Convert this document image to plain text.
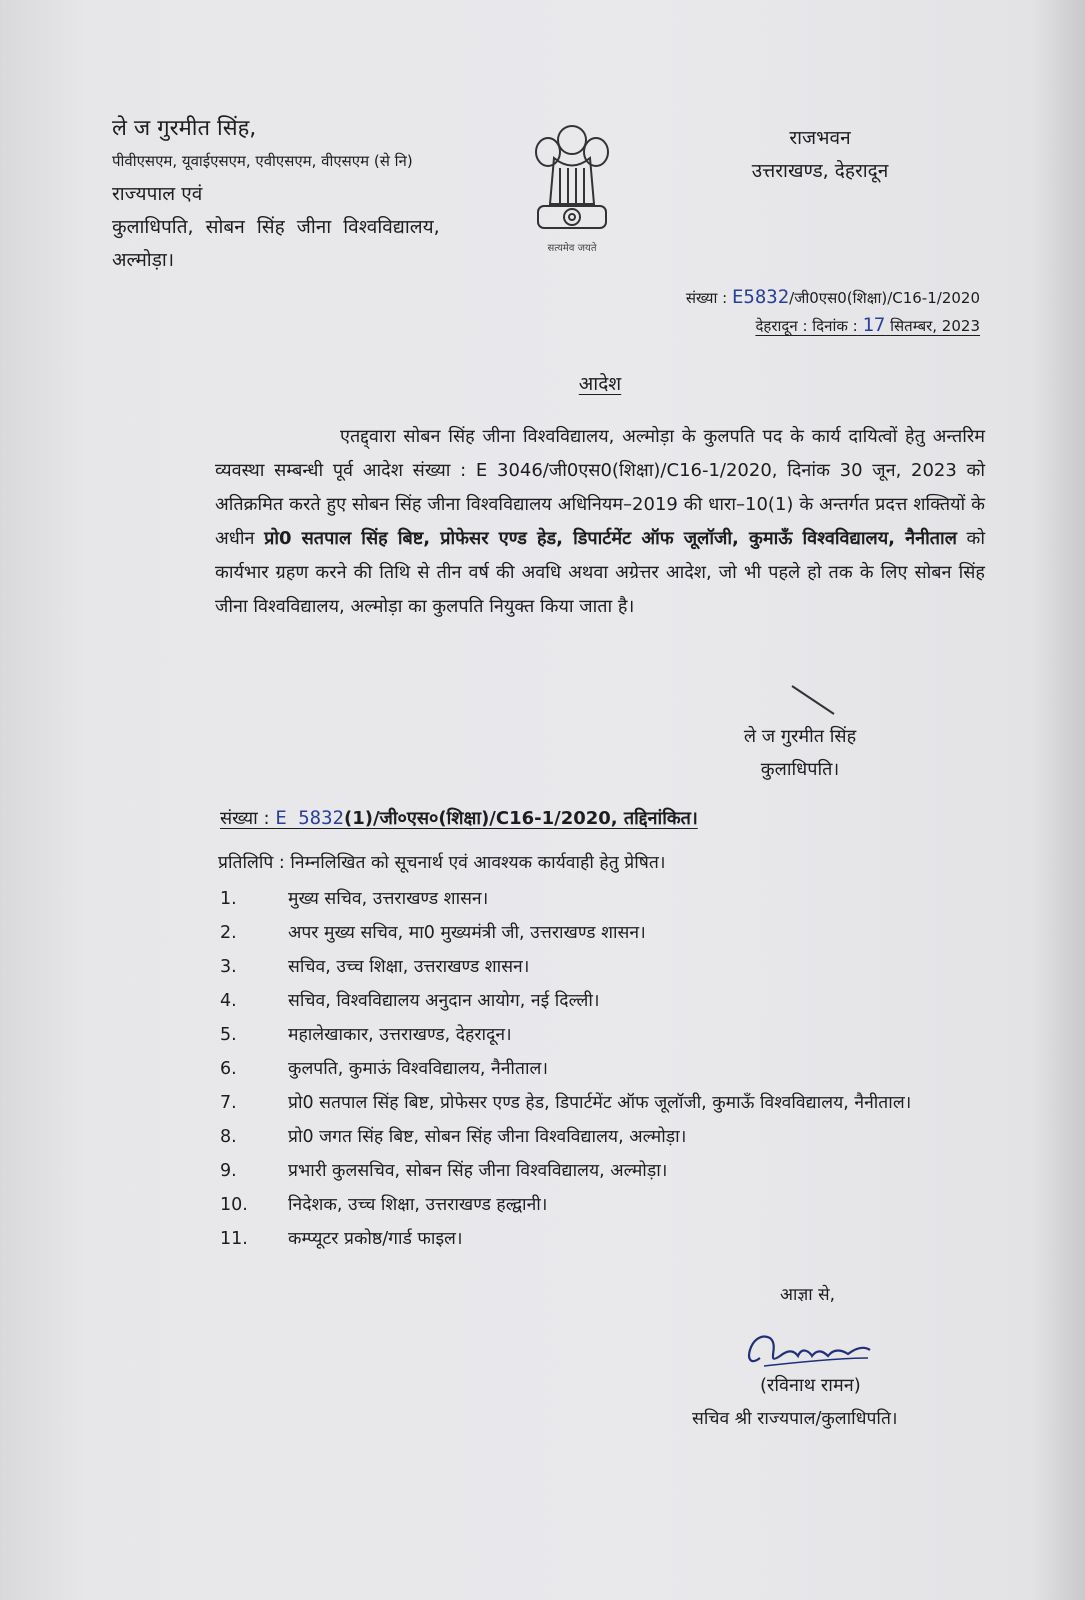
ले ज गुरमीत सिंह,
पीवीएसएम, यूवाईएसएम, एवीएसएम, वीएसएम (से नि)
राज्यपाल एवं
कुलाधिपति, सोबन सिंह जीना विश्वविद्यालय,
अल्मोड़ा।
सत्यमेव जयते
राजभवन
उत्तराखण्ड, देहरादून
संख्या : E5832/जी0एस0(शिक्षा)/C16-1/2020
देहरादून : दिनांक : 17 सितम्बर, 2023
आदेश
एतद्द्वारा सोबन सिंह जीना विश्वविद्यालय, अल्मोड़ा के कुलपति पद के कार्य दायित्वों हेतु अन्तरिम व्यवस्था सम्बन्धी पूर्व आदेश संख्या : E 3046/जी0एस0(शिक्षा)/C16-1/2020, दिनांक 30 जून, 2023 को अतिक्रमित करते हुए सोबन सिंह जीना विश्वविद्यालय अधिनियम–2019 की धारा–10(1) के अन्तर्गत प्रदत्त शक्तियों के अधीन प्रो0 सतपाल सिंह बिष्ट, प्रोफेसर एण्ड हेड, डिपार्टमेंट ऑफ जूलॉजी, कुमाऊँ विश्वविद्यालय, नैनीताल को कार्यभार ग्रहण करने की तिथि से तीन वर्ष की अवधि अथवा अग्रेत्तर आदेश, जो भी पहले हो तक के लिए सोबन सिंह जीना विश्वविद्यालय, अल्मोड़ा का कुलपति नियुक्त किया जाता है।
ले ज गुरमीत सिंह
कुलाधिपति।
संख्या : E 5832(1)/जी०एस०(शिक्षा)/C16-1/2020, तद्दिनांकित।
प्रतिलिपि : निम्नलिखित को सूचनार्थ एवं आवश्यक कार्यवाही हेतु प्रेषित।
1.	मुख्य सचिव, उत्तराखण्ड शासन।
2.	अपर मुख्य सचिव, मा0 मुख्यमंत्री जी, उत्तराखण्ड शासन।
3.	सचिव, उच्च शिक्षा, उत्तराखण्ड शासन।
4.	सचिव, विश्वविद्यालय अनुदान आयोग, नई दिल्ली।
5.	महालेखाकार, उत्तराखण्ड, देहरादून।
6.	कुलपति, कुमाऊं विश्वविद्यालय, नैनीताल।
7.	प्रो0 सतपाल सिंह बिष्ट, प्रोफेसर एण्ड हेड, डिपार्टमेंट ऑफ जूलॉजी, कुमाऊँ विश्वविद्यालय, नैनीताल।
8.	प्रो0 जगत सिंह बिष्ट, सोबन सिंह जीना विश्वविद्यालय, अल्मोड़ा।
9.	प्रभारी कुलसचिव, सोबन सिंह जीना विश्वविद्यालय, अल्मोड़ा।
10.	निदेशक, उच्च शिक्षा, उत्तराखण्ड हल्द्वानी।
11.	कम्प्यूटर प्रकोष्ठ/गार्ड फाइल।
आज्ञा से,
(रविनाथ रामन)
सचिव श्री राज्यपाल/कुलाधिपति।
